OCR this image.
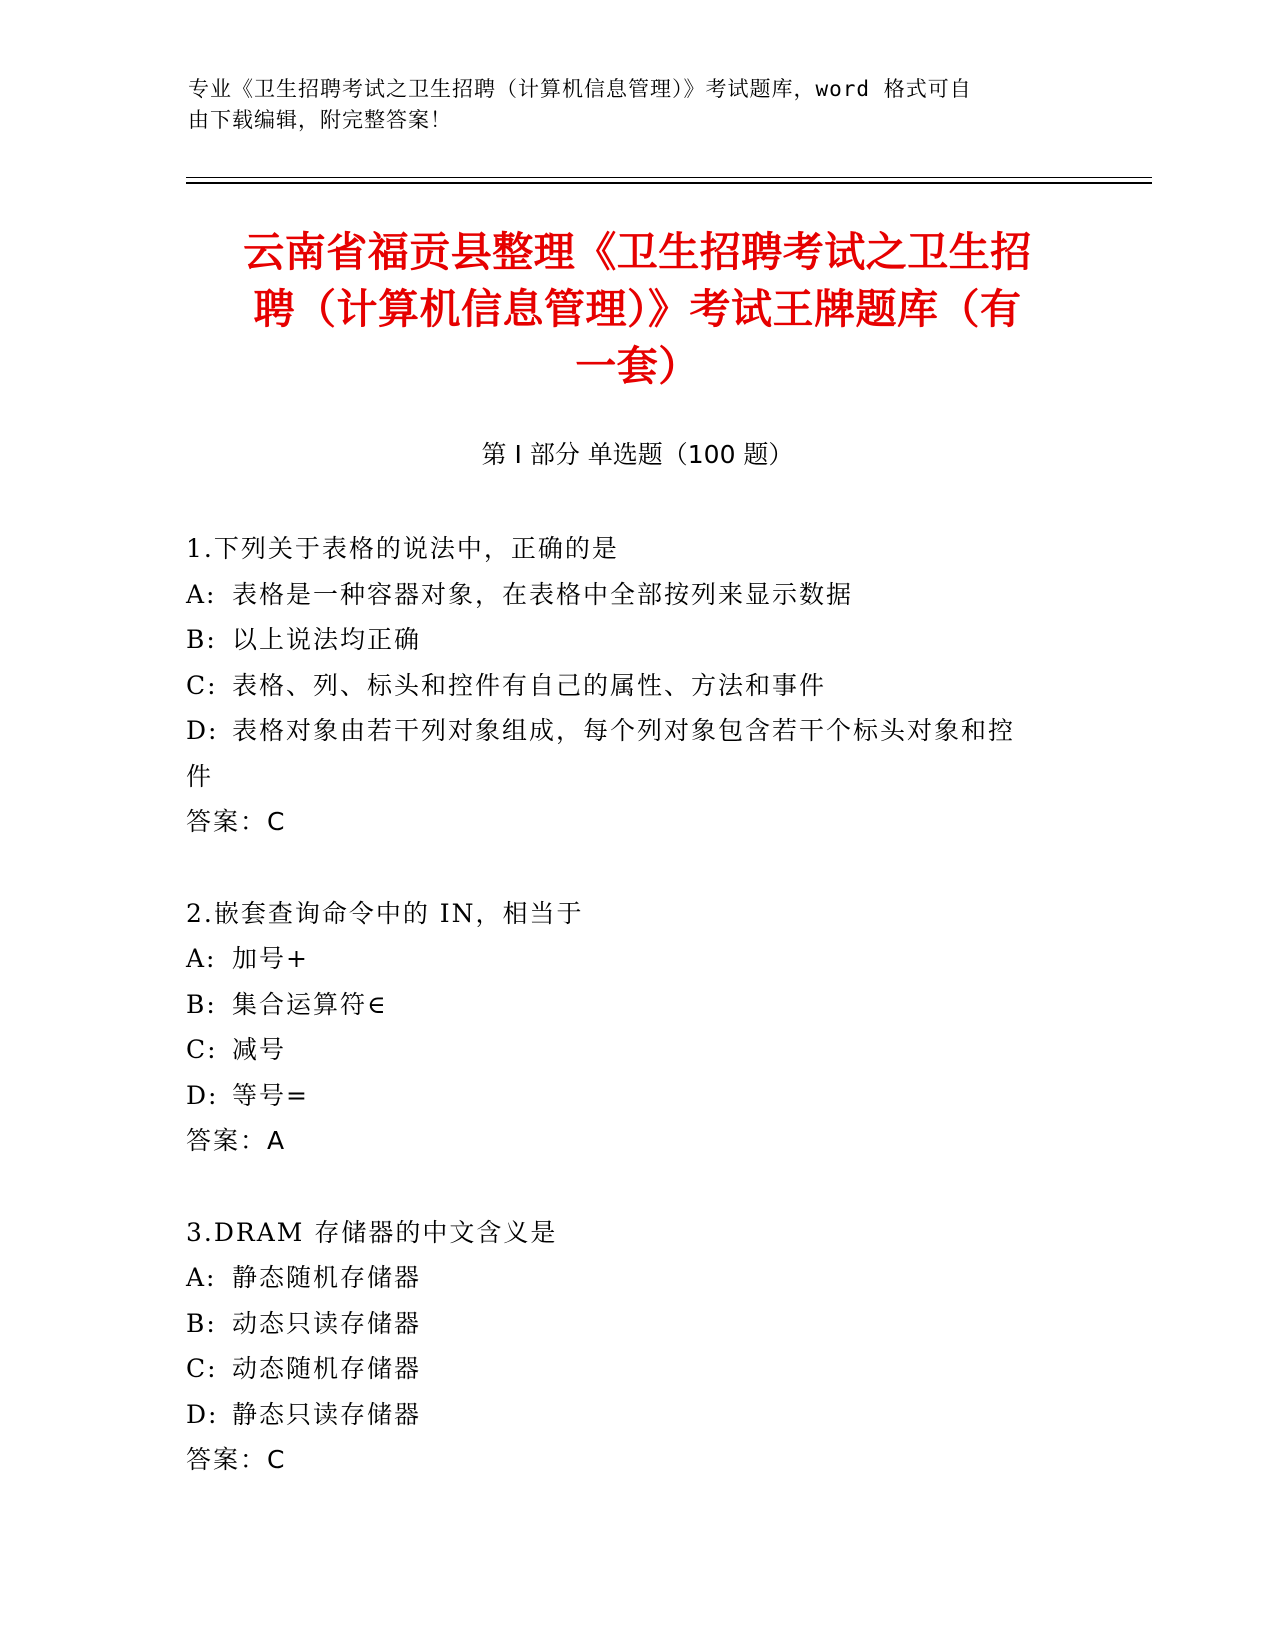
专业《卫生招聘考试之卫生招聘（计算机信息管理）》考试题库，word 格式可自
由下载编辑，附完整答案！
云南省福贡县整理《卫生招聘考试之卫生招
聘（计算机信息管理）》考试王牌题库（有
一套）
第 I 部分 单选题（100 题）
1.下列关于表格的说法中，正确的是
A: 表格是一种容器对象，在表格中全部按列来显示数据
B: 以上说法均正确
C: 表格、列、标头和控件有自己的属性、方法和事件
D: 表格对象由若干列对象组成，每个列对象包含若干个标头对象和控
件
答案：C
2.嵌套查询命令中的 IN，相当于
A: 加号+
B: 集合运算符∈
C: 减号
D: 等号=
答案：A
3.DRAM 存储器的中文含义是
A: 静态随机存储器
B: 动态只读存储器
C: 动态随机存储器
D: 静态只读存储器
答案：C
